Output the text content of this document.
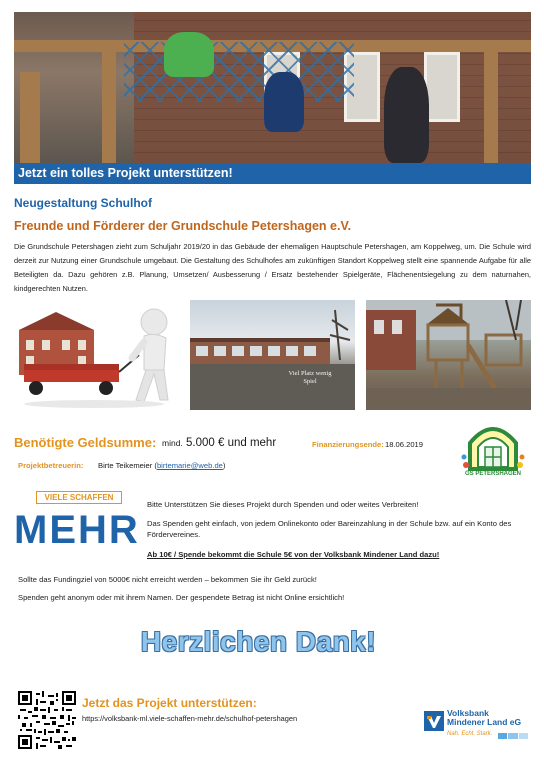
Jetzt ein tolles Projekt unterstützen!
Neugestaltung Schulhof
Freunde und Förderer der Grundschule Petershagen e.V.

Die Grundschule Petershagen zieht zum Schuljahr 2019/20 in das Gebäude der ehemaligen Hauptschule Petershagen, am Koppelweg, um. Die Schule wird derzeit zur Nutzung einer Grundschule umgebaut. Die Gestaltung des Schulhofes am zukünftigen Standort Koppelweg stellt eine spannende Aufgabe für alle Beteiligten da. Dazu gehören z.B. Planung, Umsetzen/ Ausbesserung / Ersatz bestehender Spielgeräte, Flächenentsiegelung zu dem naturnahen, kindgerechten Nutzen.

Viel Platz wenig Spiel
Benötigte Geldsumme: mind. 5.000 € und mehr	Finanzierungsende: 18.06.2019
Projektbetreuerin: Birte Teikemeier (birtemarie@web.de)
GS PETERSHAGEN
VIELE SCHAFFEN
MEHR
Bitte Unterstützen Sie dieses Projekt durch Spenden und oder weites Verbreiten!
Das Spenden geht einfach, von jedem Onlinekonto oder Bareinzahlung in der Schule bzw. auf ein Konto des Fördervereines.
Ab 10€ / Spende bekommt die Schule 5€ von der Volksbank Mindener Land dazu!
Sollte das Fundingziel von 5000€ nicht erreicht werden – bekommen Sie ihr Geld zurück!
Spenden geht anonym oder mit ihrem Namen. Der gespendete Betrag ist nicht Online ersichtlich!
Herzlichen Dank!
Jetzt das Projekt unterstützen:
https://volksbank-ml.viele-schaffen-mehr.de/schulhof-petershagen
Volksbank
Mindener Land eG
Nah. Echt. Stark.
